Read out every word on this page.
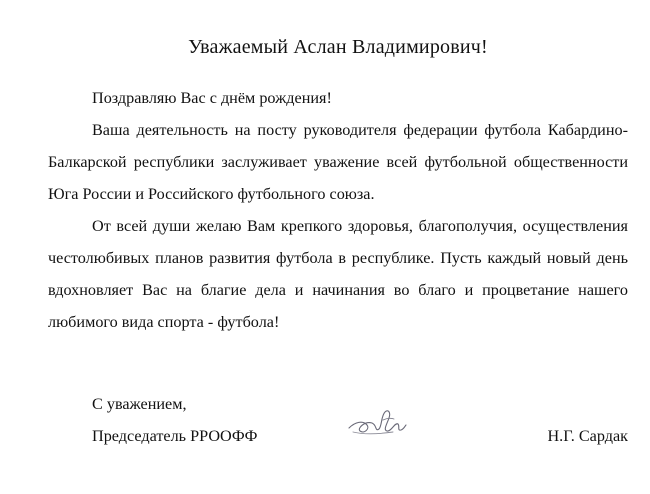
Уважаемый Аслан Владимирович!

Поздравляю Вас с днём рождения!

Ваша деятельность на посту руководителя федерации футбола Кабардино-Балкарской республики заслуживает уважение всей футбольной общественности Юга России и Российского футбольного союза.

От всей души желаю Вам крепкого здоровья, благополучия, осуществления честолюбивых планов развития футбола в республике. Пусть каждый новый день вдохновляет Вас на благие дела и начинания во благо и процветание нашего любимого вида спорта - футбола!

С уважением,
Председатель РРООФФ	Н.Г. Сардак
